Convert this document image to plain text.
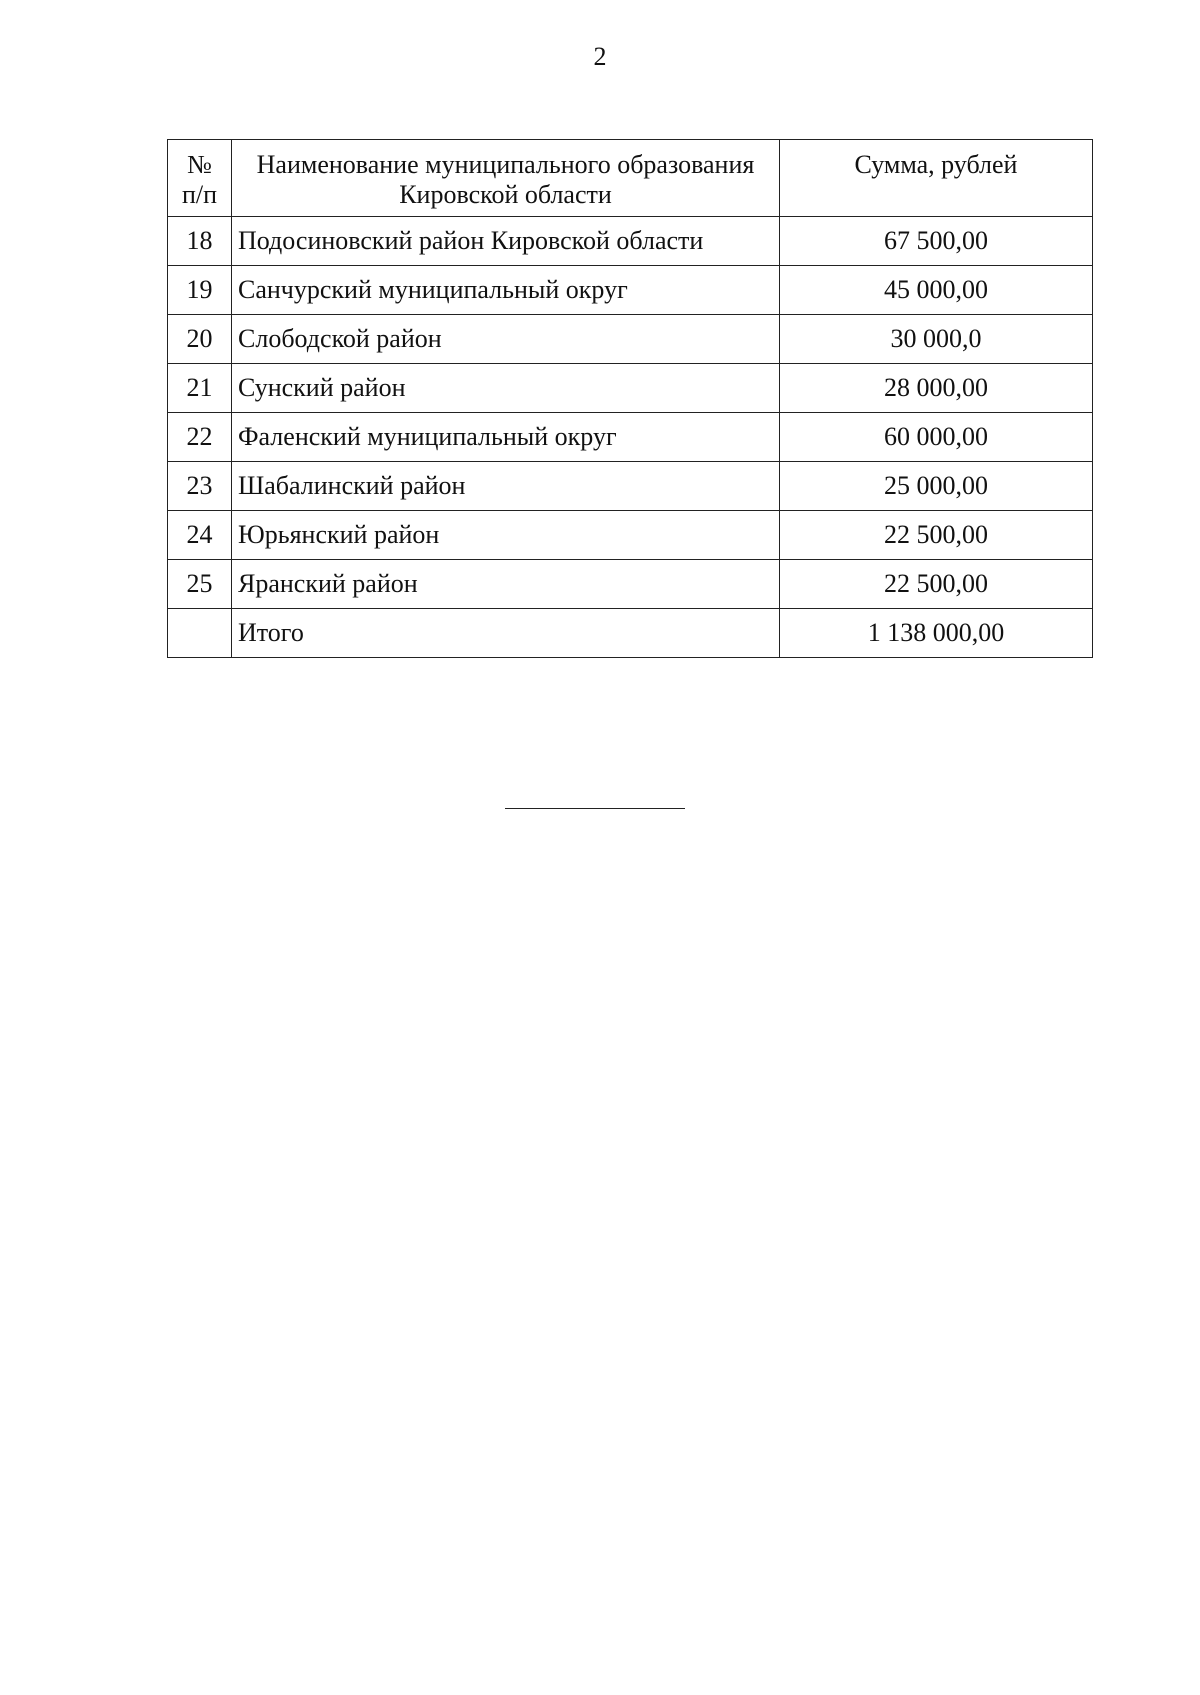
2
№ п/п	Наименование муниципального образования Кировской области	Сумма, рублей
18	Подосиновский район Кировской области	67 500,00
19	Санчурский муниципальный округ	45 000,00
20	Слободской район	30 000,0
21	Сунский район	28 000,00
22	Фаленский муниципальный округ	60 000,00
23	Шабалинский район	25 000,00
24	Юрьянский район	22 500,00
25	Яранский район	22 500,00
	Итого	1 138 000,00
